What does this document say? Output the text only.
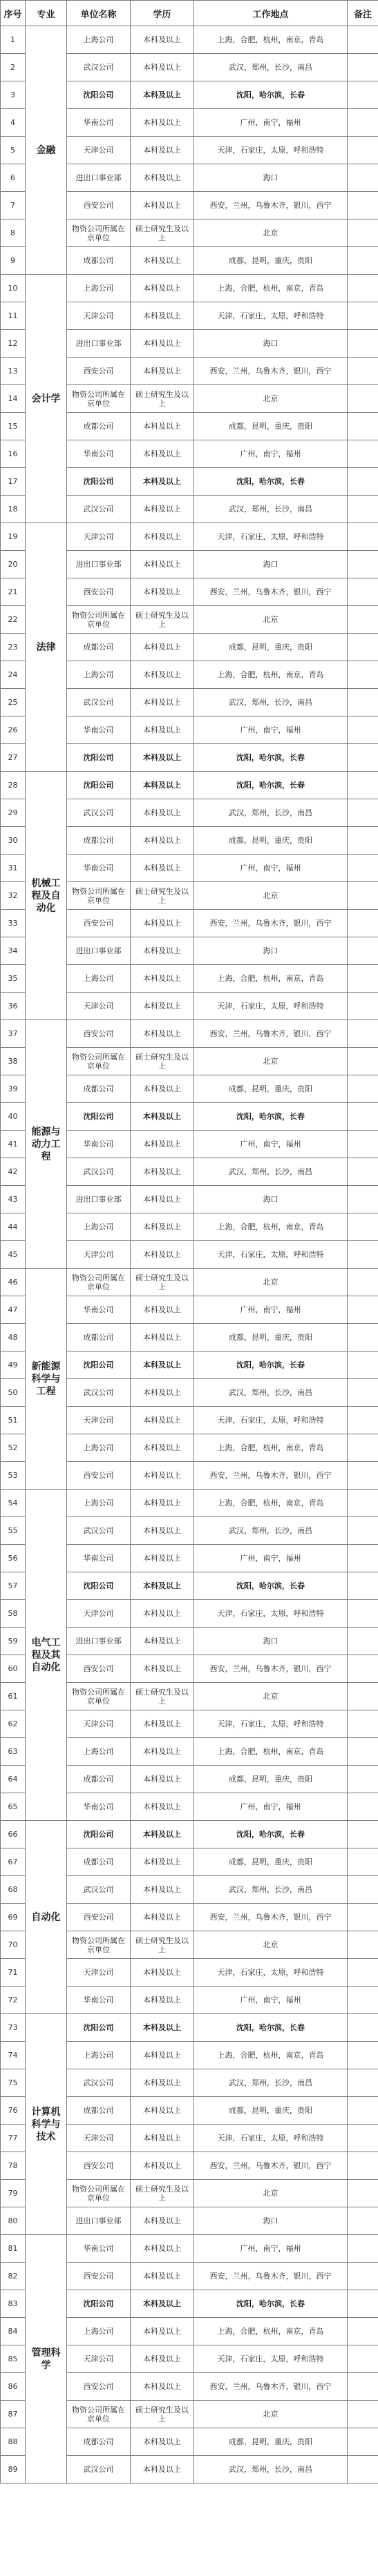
序号	专业	单位名称	学历	工作地点	备注
1	金融	上海公司	本科及以上	上海，合肥，杭州，南京，青岛	
2		武汉公司	本科及以上	武汉，郑州，长沙，南昌	
3		沈阳公司	本科及以上	沈阳，哈尔滨，长春	
4		华南公司	本科及以上	广州，南宁，福州	
5		天津公司	本科及以上	天津，石家庄，太原，呼和浩特	
6		进出口事业部	本科及以上	海口	
7		西安公司	本科及以上	西安，兰州，乌鲁木齐，银川，西宁	
8		物资公司所属在京单位	硕士研究生及以上	北京	
9		成都公司	本科及以上	成都，昆明，重庆，贵阳	
10	会计学	上海公司	本科及以上	上海，合肥，杭州，南京，青岛	
11		天津公司	本科及以上	天津，石家庄，太原，呼和浩特	
12		进出口事业部	本科及以上	海口	
13		西安公司	本科及以上	西安，兰州，乌鲁木齐，银川，西宁	
14		物资公司所属在京单位	硕士研究生及以上	北京	
15		成都公司	本科及以上	成都，昆明，重庆，贵阳	
16		华南公司	本科及以上	广州，南宁，福州	
17		沈阳公司	本科及以上	沈阳，哈尔滨，长春	
18		武汉公司	本科及以上	武汉，郑州，长沙，南昌	
19	法律	天津公司	本科及以上	天津，石家庄，太原，呼和浩特	
20		进出口事业部	本科及以上	海口	
21		西安公司	本科及以上	西安，兰州，乌鲁木齐，银川，西宁	
22		物资公司所属在京单位	硕士研究生及以上	北京	
23		成都公司	本科及以上	成都，昆明，重庆，贵阳	
24		上海公司	本科及以上	上海，合肥，杭州，南京，青岛	
25		武汉公司	本科及以上	武汉，郑州，长沙，南昌	
26		华南公司	本科及以上	广州，南宁，福州	
27		沈阳公司	本科及以上	沈阳，哈尔滨，长春	
28	机械工程及自动化	沈阳公司	本科及以上	沈阳，哈尔滨，长春	
29		武汉公司	本科及以上	武汉，郑州，长沙，南昌	
30		成都公司	本科及以上	成都，昆明，重庆，贵阳	
31		华南公司	本科及以上	广州，南宁，福州	
32		物资公司所属在京单位	硕士研究生及以上	北京	
33		西安公司	本科及以上	西安，兰州，乌鲁木齐，银川，西宁	
34		进出口事业部	本科及以上	海口	
35		上海公司	本科及以上	上海，合肥，杭州，南京，青岛	
36		天津公司	本科及以上	天津，石家庄，太原，呼和浩特	
37	能源与动力工程	西安公司	本科及以上	西安，兰州，乌鲁木齐，银川，西宁	
38		物资公司所属在京单位	硕士研究生及以上	北京	
39		成都公司	本科及以上	成都，昆明，重庆，贵阳	
40		沈阳公司	本科及以上	沈阳，哈尔滨，长春	
41		华南公司	本科及以上	广州，南宁，福州	
42		武汉公司	本科及以上	武汉，郑州，长沙，南昌	
43		进出口事业部	本科及以上	海口	
44		上海公司	本科及以上	上海，合肥，杭州，南京，青岛	
45		天津公司	本科及以上	天津，石家庄，太原，呼和浩特	
46	新能源科学与工程	物资公司所属在京单位	硕士研究生及以上	北京	
47		华南公司	本科及以上	广州，南宁，福州	
48		成都公司	本科及以上	成都，昆明，重庆，贵阳	
49		沈阳公司	本科及以上	沈阳，哈尔滨，长春	
50		武汉公司	本科及以上	武汉，郑州，长沙，南昌	
51		天津公司	本科及以上	天津，石家庄，太原，呼和浩特	
52		上海公司	本科及以上	上海，合肥，杭州，南京，青岛	
53		西安公司	本科及以上	西安，兰州，乌鲁木齐，银川，西宁	
54	电气工程及其自动化	上海公司	本科及以上	上海，合肥，杭州，南京，青岛	
55		武汉公司	本科及以上	武汉，郑州，长沙，南昌	
56		华南公司	本科及以上	广州，南宁，福州	
57		沈阳公司	本科及以上	沈阳，哈尔滨，长春	
58		天津公司	本科及以上	天津，石家庄，太原，呼和浩特	
59		进出口事业部	本科及以上	海口	
60		西安公司	本科及以上	西安，兰州，乌鲁木齐，银川，西宁	
61		物资公司所属在京单位	硕士研究生及以上	北京	
62		天津公司	本科及以上	天津，石家庄，太原，呼和浩特	
63		上海公司	本科及以上	上海，合肥，杭州，南京，青岛	
64		成都公司	本科及以上	成都，昆明，重庆，贵阳	
65		华南公司	本科及以上	广州，南宁，福州	
66	自动化	沈阳公司	本科及以上	沈阳，哈尔滨，长春	
67		成都公司	本科及以上	成都，昆明，重庆，贵阳	
68		武汉公司	本科及以上	武汉，郑州，长沙，南昌	
69		西安公司	本科及以上	西安，兰州，乌鲁木齐，银川，西宁	
70		物资公司所属在京单位	硕士研究生及以上	北京	
71		天津公司	本科及以上	天津，石家庄，太原，呼和浩特	
72		华南公司	本科及以上	广州，南宁，福州	
73	计算机科学与技术	沈阳公司	本科及以上	沈阳，哈尔滨，长春	
74		上海公司	本科及以上	上海，合肥，杭州，南京，青岛	
75		武汉公司	本科及以上	武汉，郑州，长沙，南昌	
76		成都公司	本科及以上	成都，昆明，重庆，贵阳	
77		天津公司	本科及以上	天津，石家庄，太原，呼和浩特	
78		西安公司	本科及以上	西安，兰州，乌鲁木齐，银川，西宁	
79		物资公司所属在京单位	硕士研究生及以上	北京	
80		进出口事业部	本科及以上	海口	
81	管理科学	华南公司	本科及以上	广州，南宁，福州	
82		西安公司	本科及以上	西安，兰州，乌鲁木齐，银川，西宁	
83		沈阳公司	本科及以上	沈阳，哈尔滨，长春	
84		上海公司	本科及以上	上海，合肥，杭州，南京，青岛	
85		天津公司	本科及以上	天津，石家庄，太原，呼和浩特	
86		西安公司	本科及以上	西安，兰州，乌鲁木齐，银川，西宁	
87		物资公司所属在京单位	硕士研究生及以上	北京	
88		成都公司	本科及以上	成都，昆明，重庆，贵阳	
89		武汉公司	本科及以上	武汉，郑州，长沙，南昌	
